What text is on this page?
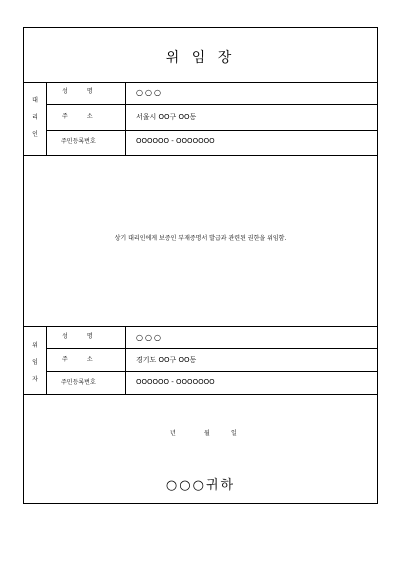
위 임 장
대
리
인
성          명	○○○
주          소	서울시 OO구 OO동
주민등록번호	OOOOOO - OOOOOOO
상기 대리인에게 보증인 부재증명서 발급과 관련된 권한을 위임함.
위
임
자
성          명	○○○
주          소	경기도 OO구 OO동
주민등록번호	OOOOOO - OOOOOOO
년	월	일
○○○귀하
